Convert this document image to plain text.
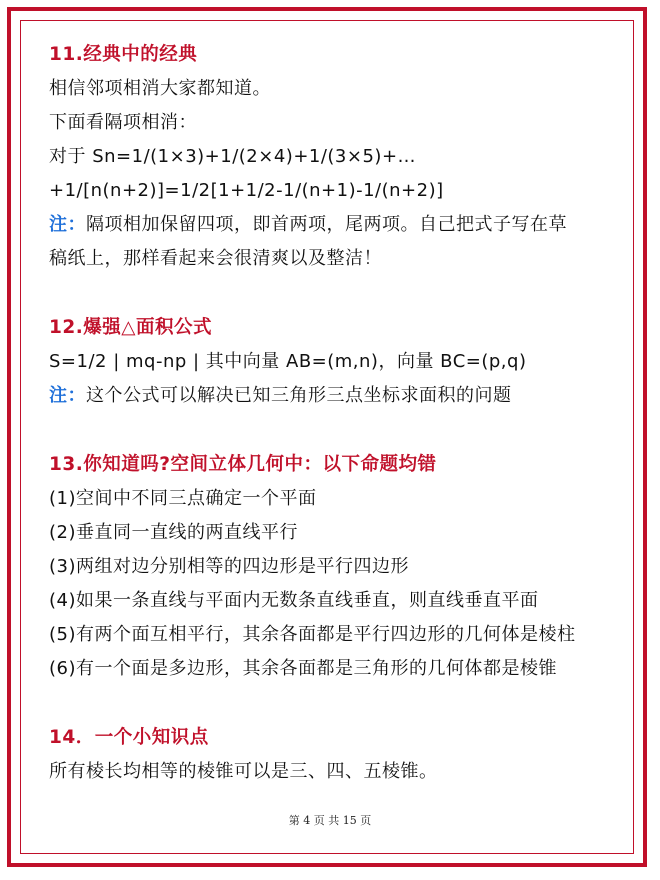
11.经典中的经典
相信邻项相消大家都知道。
下面看隔项相消：
对于 Sn=1/(1×3)+1/(2×4)+1/(3×5)+…
+1/[n(n+2)]=1/2[1+1/2-1/(n+1)-1/(n+2)]
注：隔项相加保留四项，即首两项，尾两项。自己把式子写在草
稿纸上，那样看起来会很清爽以及整洁！
12.爆强△面积公式
S=1/2 | mq-np | 其中向量 AB=(m,n)，向量 BC=(p,q)
注：这个公式可以解决已知三角形三点坐标求面积的问题
13.你知道吗?空间立体几何中：以下命题均错
(1)空间中不同三点确定一个平面
(2)垂直同一直线的两直线平行
(3)两组对边分别相等的四边形是平行四边形
(4)如果一条直线与平面内无数条直线垂直，则直线垂直平面
(5)有两个面互相平行，其余各面都是平行四边形的几何体是棱柱
(6)有一个面是多边形，其余各面都是三角形的几何体都是棱锥
14．一个小知识点
所有棱长均相等的棱锥可以是三、四、五棱锥。
第 4 页 共 15 页
